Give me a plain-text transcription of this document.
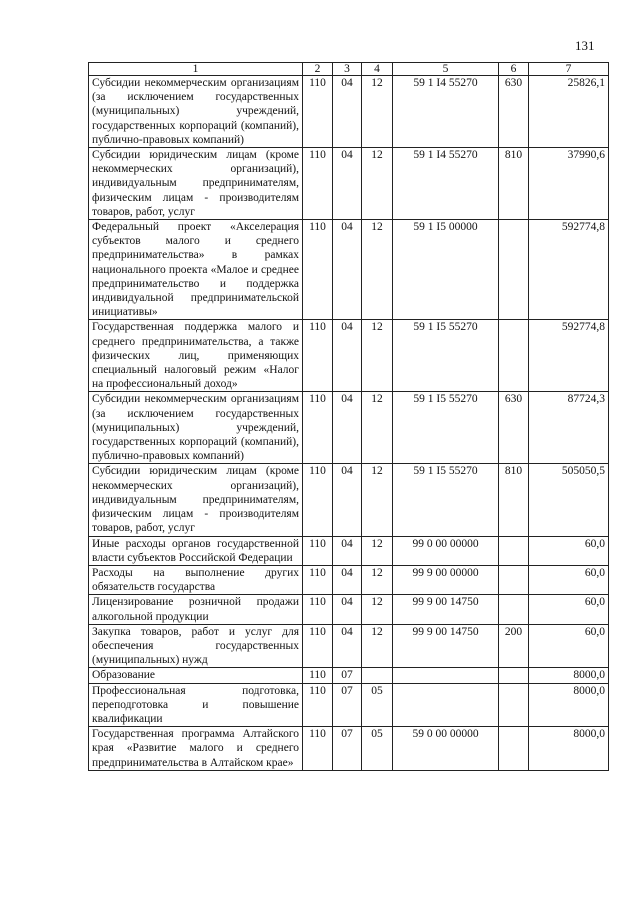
131
1	2	3	4	5	6	7
Субсидии некоммерческим организациям (за исключением государственных (муниципальных) учреждений, государственных корпораций (компаний), публично-правовых компаний)	110	04	12	59 1 I4 55270	630	25826,1
Субсидии юридическим лицам (кроме некоммерческих организаций), индивидуальным предпринимателям, физическим лицам - производителям товаров, работ, услуг	110	04	12	59 1 I4 55270	810	37990,6
Федеральный проект «Акселерация субъектов малого и среднего предпринимательства» в рамках национального проекта «Малое и среднее предпринимательство и поддержка индивидуальной предпринимательской инициативы»	110	04	12	59 1 I5 00000		592774,8
Государственная поддержка малого и среднего предпринимательства, а также физических лиц, применяющих специальный налоговый режим «Налог на профессиональный доход»	110	04	12	59 1 I5 55270		592774,8
Субсидии некоммерческим организациям (за исключением государственных (муниципальных) учреждений, государственных корпораций (компаний), публично-правовых компаний)	110	04	12	59 1 I5 55270	630	87724,3
Субсидии юридическим лицам (кроме некоммерческих организаций), индивидуальным предпринимателям, физическим лицам - производителям товаров, работ, услуг	110	04	12	59 1 I5 55270	810	505050,5
Иные расходы органов государственной власти субъектов Российской Федерации	110	04	12	99 0 00 00000		60,0
Расходы на выполнение других обязательств государства	110	04	12	99 9 00 00000		60,0
Лицензирование розничной продажи алкогольной продукции	110	04	12	99 9 00 14750		60,0
Закупка товаров, работ и услуг для обеспечения государственных (муниципальных) нужд	110	04	12	99 9 00 14750	200	60,0
Образование	110	07				8000,0
Профессиональная подготовка, переподготовка и повышение квалификации	110	07	05			8000,0
Государственная программа Алтайского края «Развитие малого и среднего предпринимательства в Алтайском крае»	110	07	05	59 0 00 00000		8000,0
